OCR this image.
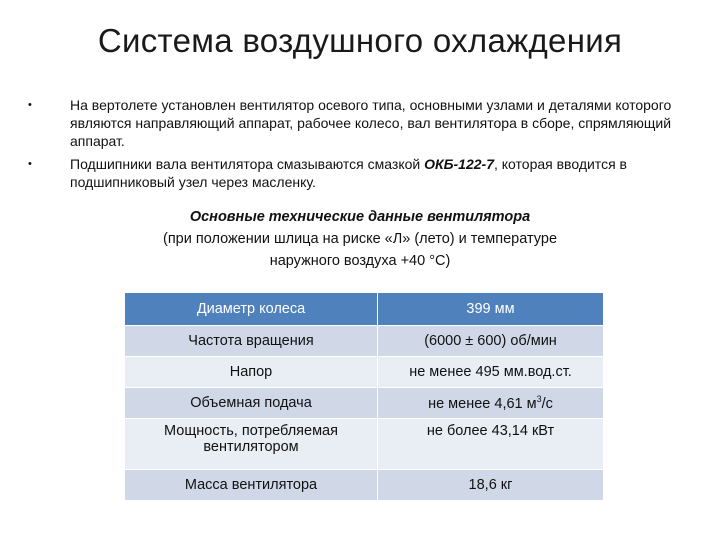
Система воздушного охлаждения
•	На вертолете установлен вентилятор осевого типа, основными узлами и деталями которого являются направляющий аппарат, рабочее колесо, вал вентилятора в сборе, спрямляющий аппарат.
•	Подшипники вала вентилятора смазываются смазкой ОКБ-122-7, которая вводится в подшипниковый узел через масленку.
Основные технические данные вентилятора
(при положении шлица на риске «Л» (лето) и температуре
наружного воздуха +40 °С)
Диаметр колеса	399 мм
Частота вращения	(6000 ± 600) об/мин
Напор	не менее 495 мм.вод.ст.
Объемная подача	не менее 4,61 $м^3/с$
Мощность, потребляемая вентилятором	не более 43,14 кВт
Масса вентилятора	18,6 кг
